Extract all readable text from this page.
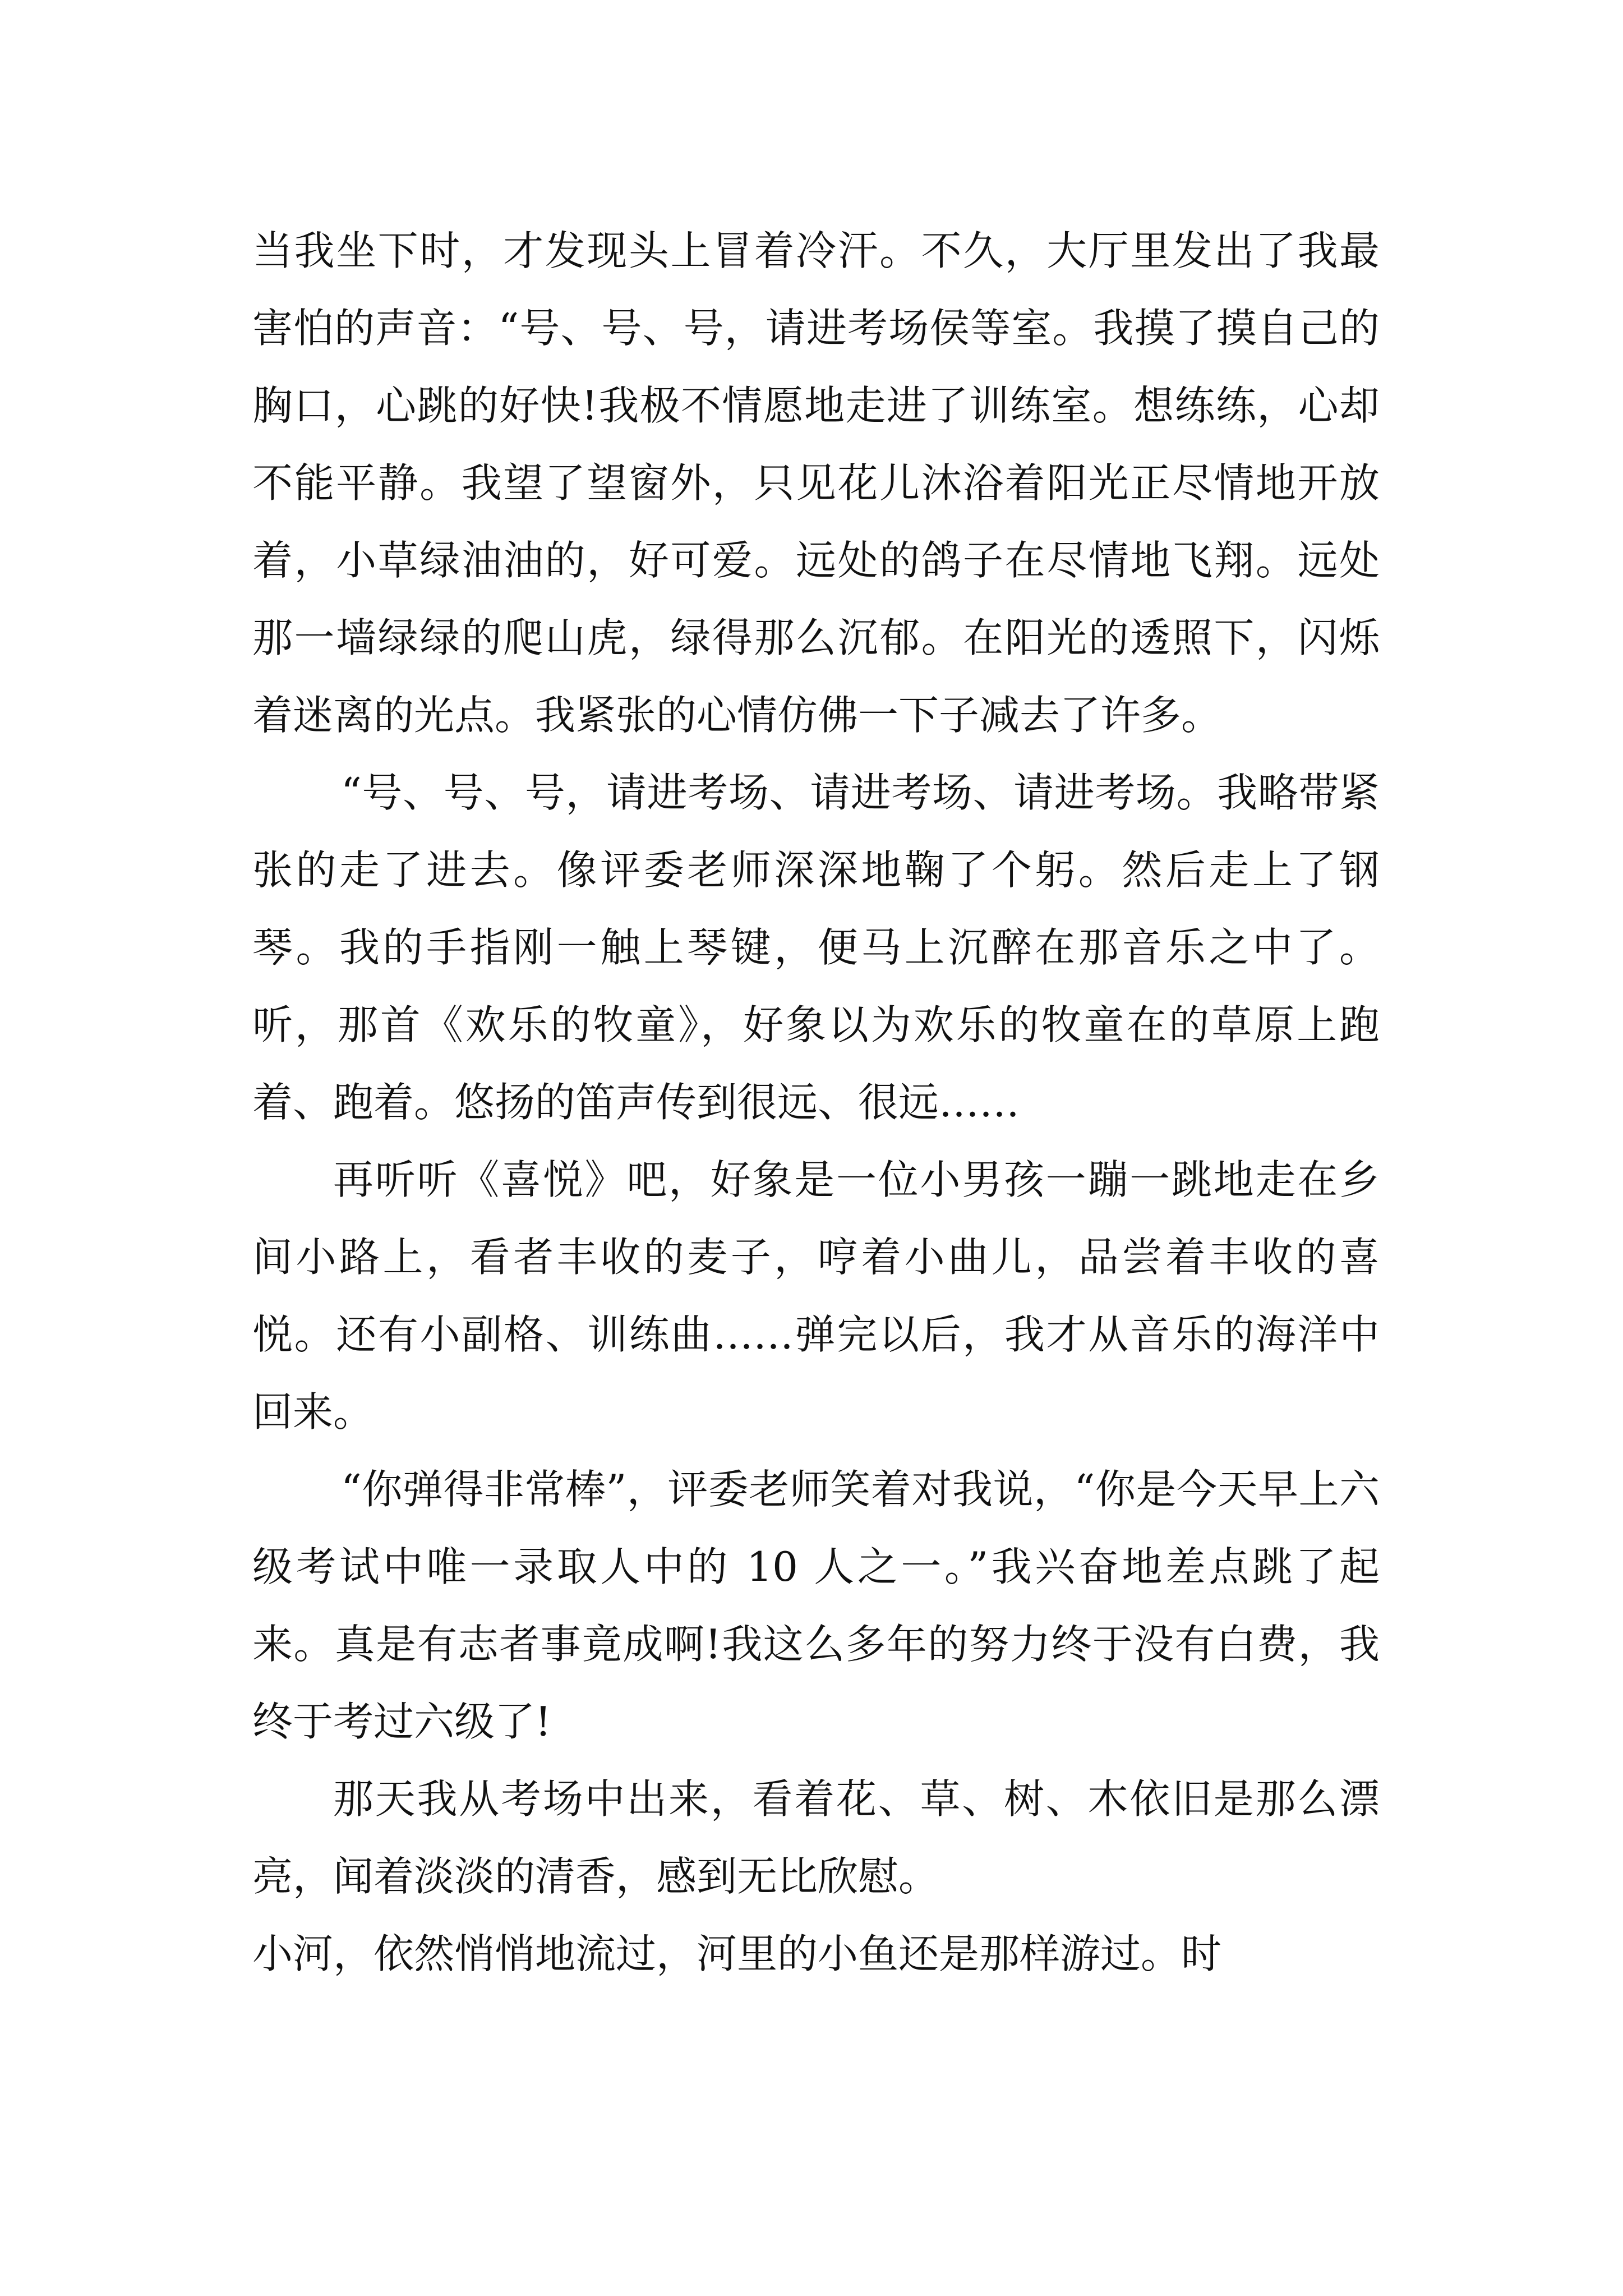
当我坐下时，才发现头上冒着冷汗。不久，大厅里发出了我最害怕的声音：“号、号、号，请进考场侯等室。我摸了摸自己的胸口，心跳的好快!我极不情愿地走进了训练室。想练练，心却不能平静。我望了望窗外，只见花儿沐浴着阳光正尽情地开放着，小草绿油油的，好可爱。远处的鸽子在尽情地飞翔。远处那一墙绿绿的爬山虎，绿得那么沉郁。在阳光的透照下，闪烁着迷离的光点。我紧张的心情仿佛一下子减去了许多。

“号、号、号，请进考场、请进考场、请进考场。我略带紧张的走了进去。像评委老师深深地鞠了个躬。然后走上了钢琴。我的手指刚一触上琴键，便马上沉醉在那音乐之中了。听，那首《欢乐的牧童》，好象以为欢乐的牧童在的草原上跑着、跑着。悠扬的笛声传到很远、很远……

再听听《喜悦》吧，好象是一位小男孩一蹦一跳地走在乡间小路上，看者丰收的麦子，哼着小曲儿，品尝着丰收的喜悦。还有小副格、训练曲……弹完以后，我才从音乐的海洋中回来。

“你弹得非常棒”，评委老师笑着对我说，“你是今天早上六级考试中唯一录取人中的 10 人之一。”我兴奋地差点跳了起来。真是有志者事竟成啊!我这么多年的努力终于没有白费，我终于考过六级了!

那天我从考场中出来，看着花、草、树、木依旧是那么漂亮，闻着淡淡的清香，感到无比欣慰。

小河，依然悄悄地流过，河里的小鱼还是那样游过。时
